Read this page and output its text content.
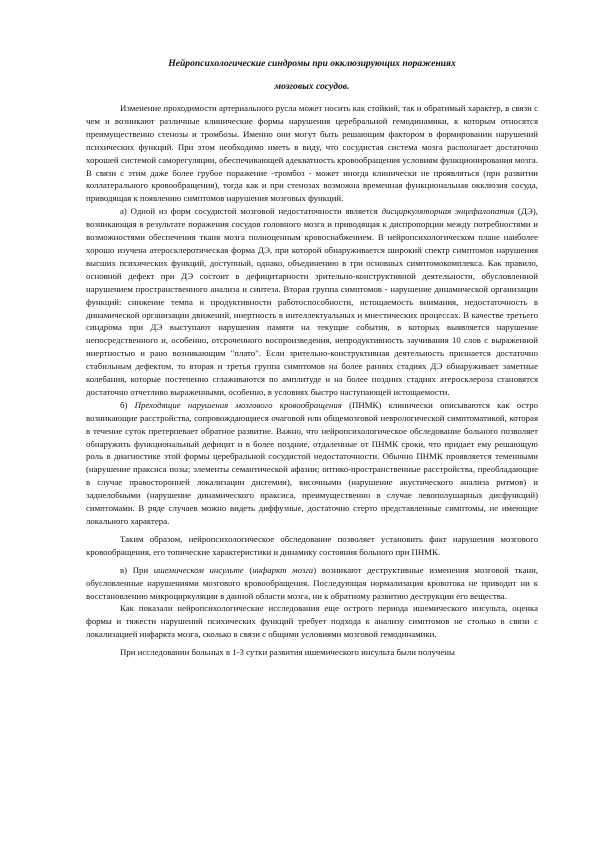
Нейропсихологические синдромы при окклюзирующих поражениях
мозговых сосудов.

Изменение проходимости артериального русла может носить как стойкий, так и обратимый характер, в связи с чем и возникают различные клинические формы нарушения церебральной гемодинамики, к которым относятся преимущественно стенозы и тромбозы. Именно они могут быть решающим фактором в формировании нарушений психических функций. При этом необходимо иметь в виду, что сосудистая система мозга располагает достаточно хорошей системой саморегуляции, обеспечивающей адекватность кровообращения условиям функционирования мозга. В связи с этим даже более грубое поражение -тромбоз - может иногда клинически не проявляться (при развитии коллатерального кровообращения), тогда как и при стенозах возможна временная функциональная окклюзия сосуда, приводящая к появлению симптомов нарушения мозговых функций.

а) Одной из форм сосудистой мозговой недостаточности является дисциркуляторная энцефалопатия (ДЭ), возникающая в результате поражения сосудов головного мозга и приводящая к диспропорции между потребностями и возможностями обеспечения тканя мозга полноценным кровоснабжением. В нейропсихологическом плане наиболее хорошо изучена атеросклеротическая форма ДЭ, при которой обнаруживается широкий спектр симптомов нарушения высших психических функций, доступный, однако, объединению в три основных симптомокомплекса. Как правило, основной дефект при ДЭ состоит в дефицитарности зрительно-конструктивной деятельности, обусловленной нарушением пространственного анализа и синтеза. Вторая группа симптомов - нарушение динамической организации функций: снижение темпа и продуктивности работоспособности, истощаемость внимания, недостаточность в динамической организации движений, инертность в интеллектуальных и мнестических процессах. В качестве третьего синдрома при ДЭ выступают нарушения памяти на текущие события, в которых выявляется нарушение непосредственного и, особенно, отсроченного воспроизведения, непродуктивность заучивания 10 слов с выраженной инертностью и рано возникающим "плато". Если зрительно-конструктивная деятельность признается достаточно стабильным дефектом, то вторая и третья группа симптомов на более ранних стадиях ДЭ обнаруживает заметные колебания, которые постепенно сглаживаются по амплитуде и на более поздних стадиях атеросклероза становятся достаточно отчетливо выраженными, особенно, в условиях быстро наступающей истощаемости.

б) Преходящие нарушения мозгового кровообращения (ПНМК) клинически описываются как остро возникающие расстройства, сопровождающиеся очаговой или общемозговой неврологической симптоматикой, которая в течение суток претерпевает обратное развитие. Важно, что нейропсихологическое обследование больного позволяет обнаружить функциональный дефицит и в более поздние, отдаленные от ПНМК сроки, что придает ему решающую роль в диагностике этой формы церебральной сосудистой недостаточности. Обычно ПНМК проявляется теменными (нарушение праксиса позы; элементы семантической афазии; оптико-пространственные расстройства, преобладающие в случае правосторонней локализации дисгемии), височными (нарушение акустического анализа ритмов) и заднелобными (нарушение динамического праксиса, преимущественно в случае левополушарных дисфункций) симптомами. В ряде случаев можно видеть диффузные, достаточно стерто представленные симптомы, не имеющие локального характера.

Таким образом, нейропсихологическое обследование позволяет установить факт нарушения мозгового кровообращения, его топические характеристики и динамику состояния больного при ПНМК.

в) При ишемическом инсульте (инфаркт мозга) возникают деструктивные изменения мозговой ткани, обусловленные нарушениями мозгового кровообращения. Последующая нормализация кровотока не приводит ни к восстановлению микроциркуляции в данной области мозга, ни к обратному развитию деструкции его вещества.

Как показали нейропсихологические исследования еще острого периода ишемического инсульта, оценка формы и тяжести нарушений психических функций требует подхода к анализу симптомов не столько в связи с локализацией инфаркта мозга, сколько в связи с общими условиями мозговой гемодинамики.

При исследовании больных в 1-3 сутки развития ишемического инсульта были получены
